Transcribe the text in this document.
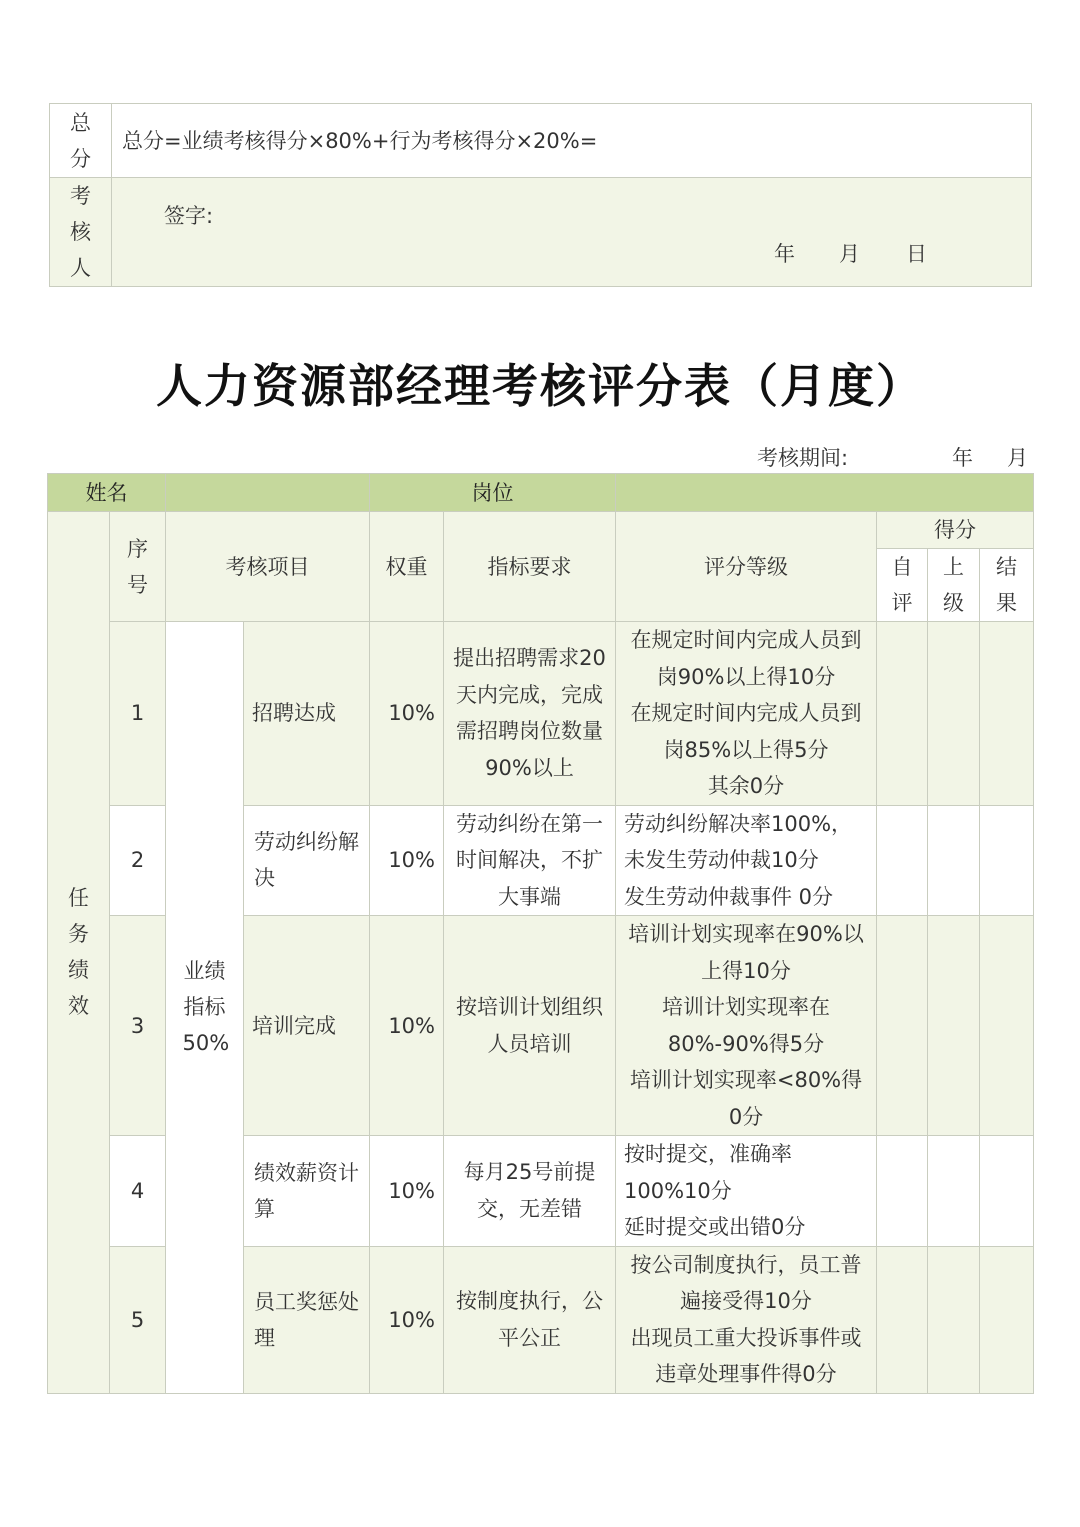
总分	总分=业绩考核得分×80%+行为考核得分×20%=
考核人	签字:
年 月 日
人力资源部经理考核评分表（月度）
考核期间:	年 月
姓名				岗位					
任务绩效	序号	考核项目		权重	指标要求	评分等级	得分		
							自评	上级	结果
	1	业绩指标50%	招聘达成	10%	提出招聘需求20天内完成，完成需招聘岗位数量90%以上	在规定时间内完成人员到岗90%以上得10分
在规定时间内完成人员到岗85%以上得5分
其余0分			
	2		劳动纠纷解决	10%	劳动纠纷在第一时间解决，不扩大事端	劳动纠纷解决率100%，未发生劳动仲裁10分
发生劳动仲裁事件 0分			
	3		培训完成	10%	按培训计划组织人员培训	培训计划实现率在90%以上得10分
培训计划实现率在80%-90%得5分
培训计划实现率<80%得0分			
	4		绩效薪资计算	10%	每月25号前提交，无差错	按时提交，准确率100%10分
延时提交或出错0分			
	5		员工奖惩处理	10%	按制度执行，公平公正	按公司制度执行，员工普遍接受得10分
出现员工重大投诉事件或违章处理事件得0分			
